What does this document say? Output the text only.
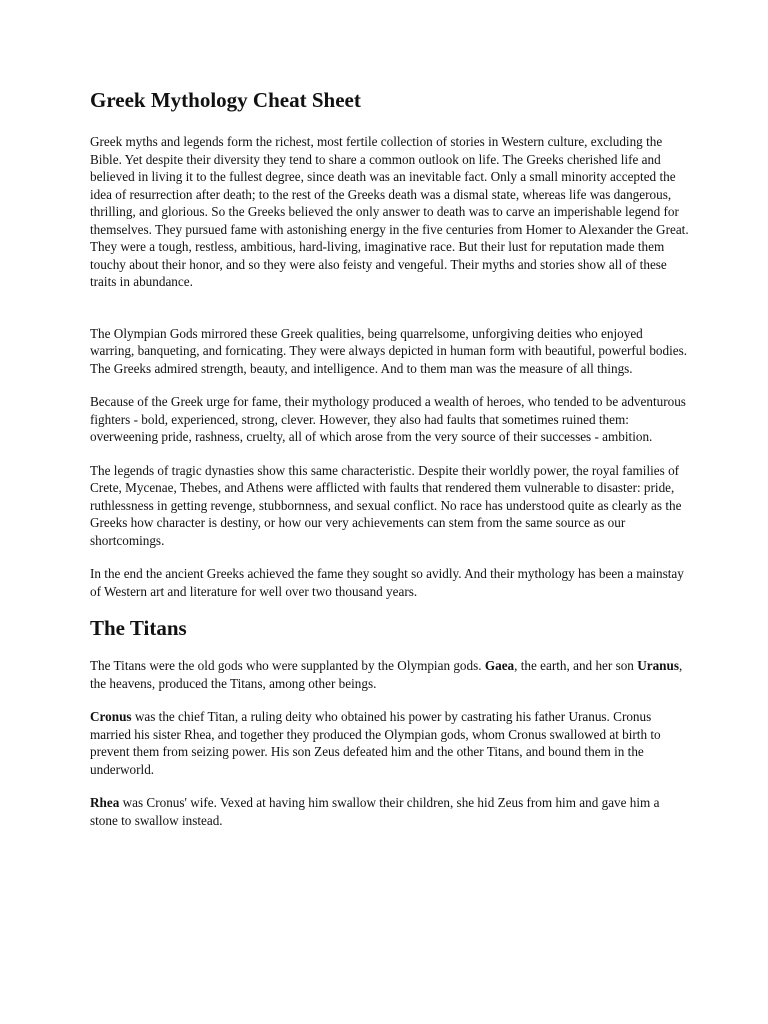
Greek Mythology Cheat Sheet

Greek myths and legends form the richest, most fertile collection of stories in Western culture, excluding the Bible. Yet despite their diversity they tend to share a common outlook on life. The Greeks cherished life and believed in living it to the fullest degree, since death was an inevitable fact. Only a small minority accepted the idea of resurrection after death; to the rest of the Greeks death was a dismal state, whereas life was dangerous, thrilling, and glorious. So the Greeks believed the only answer to death was to carve an imperishable legend for themselves. They pursued fame with astonishing energy in the five centuries from Homer to Alexander the Great. They were a tough, restless, ambitious, hard-living, imaginative race. But their lust for reputation made them touchy about their honor, and so they were also feisty and vengeful. Their myths and stories show all of these traits in abundance.

The Olympian Gods mirrored these Greek qualities, being quarrelsome, unforgiving deities who enjoyed warring, banqueting, and fornicating. They were always depicted in human form with beautiful, powerful bodies. The Greeks admired strength, beauty, and intelligence. And to them man was the measure of all things.

Because of the Greek urge for fame, their mythology produced a wealth of heroes, who tended to be adventurous fighters - bold, experienced, strong, clever. However, they also had faults that sometimes ruined them: overweening pride, rashness, cruelty, all of which arose from the very source of their successes - ambition.

The legends of tragic dynasties show this same characteristic. Despite their worldly power, the royal families of Crete, Mycenae, Thebes, and Athens were afflicted with faults that rendered them vulnerable to disaster: pride, ruthlessness in getting revenge, stubbornness, and sexual conflict. No race has understood quite as clearly as the Greeks how character is destiny, or how our very achievements can stem from the same source as our shortcomings.

In the end the ancient Greeks achieved the fame they sought so avidly. And their mythology has been a mainstay of Western art and literature for well over two thousand years.

The Titans

The Titans were the old gods who were supplanted by the Olympian gods. Gaea, the earth, and her son Uranus, the heavens, produced the Titans, among other beings.

Cronus was the chief Titan, a ruling deity who obtained his power by castrating his father Uranus. Cronus married his sister Rhea, and together they produced the Olympian gods, whom Cronus swallowed at birth to prevent them from seizing power. His son Zeus defeated him and the other Titans, and bound them in the underworld.

Rhea was Cronus' wife. Vexed at having him swallow their children, she hid Zeus from him and gave him a stone to swallow instead.
